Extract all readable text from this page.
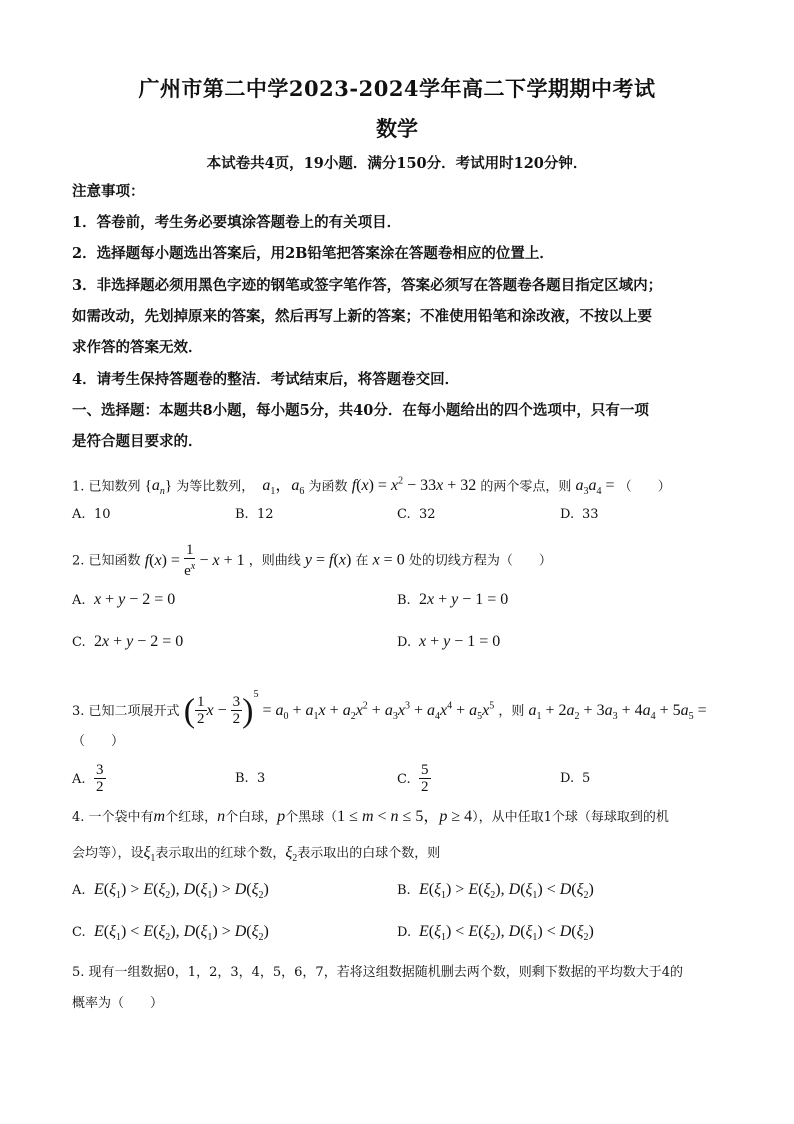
广州市第二中学2023-2024学年高二下学期期中考试
数学
本试卷共4页，19小题．满分150分．考试用时120分钟．
注意事项：
1．答卷前，考生务必要填涂答题卷上的有关项目．
2．选择题每小题选出答案后，用2B铅笔把答案涂在答题卷相应的位置上．
3．非选择题必须用黑色字迹的钢笔或签字笔作答，答案必须写在答题卷各题目指定区域内；
如需改动，先划掉原来的答案，然后再写上新的答案；不准使用铅笔和涂改液，不按以上要
求作答的答案无效．
4．请考生保持答题卷的整洁．考试结束后，将答题卷交回．
一、选择题：本题共8小题，每小题5分，共40分．在每小题给出的四个选项中，只有一项
是符合题目要求的．
1. 已知数列 $\{a_n\}$ 为等比数列， $a_1$，$a_6$ 为函数 $f(x) = x^2 - 33x + 32$ 的两个零点，则 $a_3a_4$ = （　　）
A. 10	B. 12	C. 32	D. 33
2. 已知函数 $f(x) = \frac{1}{e^x} - x + 1$ ，则曲线 y = f(x) 在 x = 0 处的切线方程为（　　）
A. x + y − 2 = 0	B. 2x + y − 1 = 0
C. 2x + y − 2 = 0	D. x + y − 1 = 0
3. 已知二项展开式 ( $\frac{1}{2}$ $x - \frac{3}{2} )^5 = a_0 + a_1x + a_2x^2 + a_3x^3 + a_4x^4 + a_5x^5$ ，则 $a_1 + 2a_2 + 3a_3 + 4a_4 + 5a_5$ =
（　　）
A. $\frac{3}{2}$	B. 3	C. $\frac{5}{2}$	D. 5
4. 一个袋中有m个红球，n个白球，p个黑球（1 ≤ m < n ≤ 5，p ≥ 4），从中任取1个球（每球取到的机
会均等），设$\xi_1$表示取出的红球个数，$\xi_2$表示取出的白球个数，则
A. $E(\xi_1) > E(\xi_2)$, $D(\xi_1) > D(\xi_2)$	B. $E(\xi_1) > E(\xi_2)$, $D(\xi_1) < D(\xi_2)$
C. $E(\xi_1) < E(\xi_2)$, $D(\xi_1) > D(\xi_2)$	D. $E(\xi_1) < E(\xi_2)$, $D(\xi_1) < D(\xi_2)$
5. 现有一组数据0，1，2，3，4，5，6，7，若将这组数据随机删去两个数，则剩下数据的平均数大于4的
概率为（　　）
